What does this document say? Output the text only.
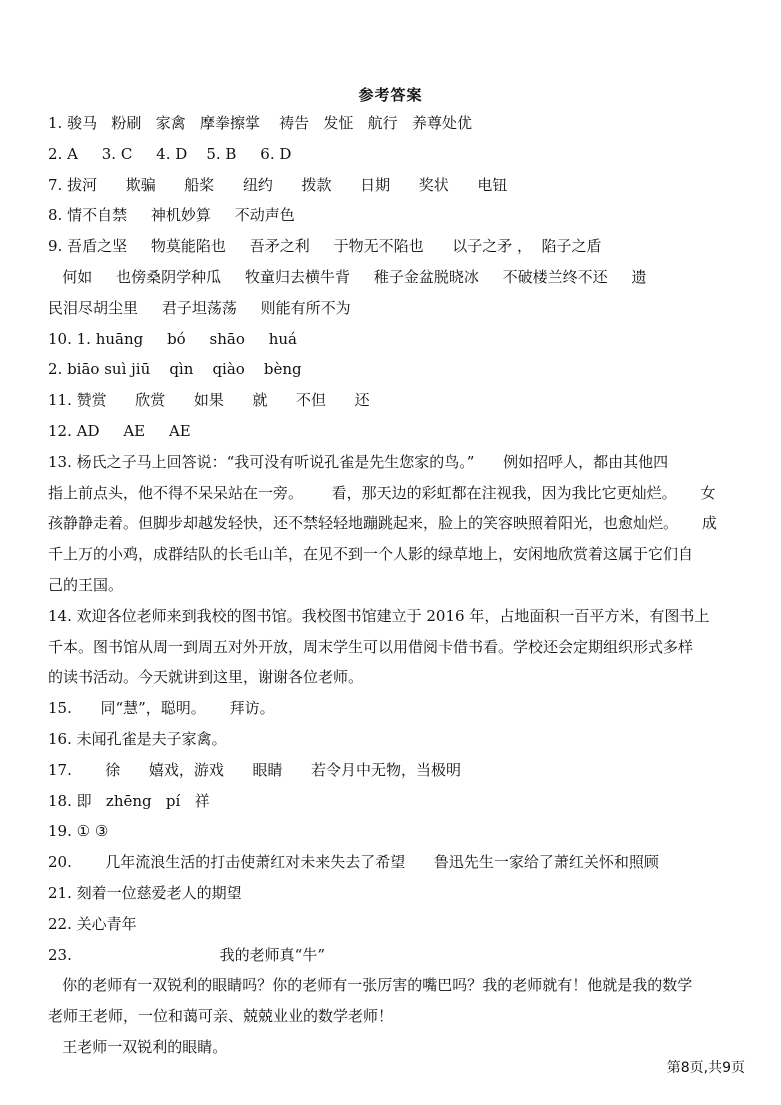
参考答案
1. 骏马   粉刷   家禽   摩拳擦掌    祷告   发怔   航行   养尊处优
2. A     3. C     4. D    5. B     6. D
7. 拔河      欺骗      船桨      纽约      拨款      日期      奖状      电钮
8. 情不自禁     神机妙算     不动声色
9. 吾盾之坚     物莫能陷也     吾矛之利     于物无不陷也      以子之矛 ，  陷子之盾
何如     也傍桑阴学种瓜     牧童归去横牛背     稚子金盆脱晓冰     不破楼兰终不还     遗
民泪尽胡尘里     君子坦荡荡     则能有所不为
10. 1. huāng     bó     shāo     huá
2. biāo suì jiū    qìn    qiào    bèng
11. 赞赏      欣赏      如果      就      不但      还
12. AD     AE     AE
13. 杨氏之子马上回答说：“我可没有听说孔雀是先生您家的鸟。”      例如招呼人，都由其他四
指上前点头，他不得不呆呆站在一旁。      看，那天边的彩虹都在注视我，因为我比它更灿烂。     女
孩静静走着。但脚步却越发轻快，还不禁轻轻地蹦跳起来，脸上的笑容映照着阳光，也愈灿烂。     成
千上万的小鸡，成群结队的长毛山羊，在见不到一个人影的绿草地上，安闲地欣赏着这属于它们自
己的王国。
14. 欢迎各位老师来到我校的图书馆。我校图书馆建立于 2016 年，占地面积一百平方米，有图书上
千本。图书馆从周一到周五对外开放，周末学生可以用借阅卡借书看。学校还会定期组织形式多样
的读书活动。今天就讲到这里，谢谢各位老师。
15.      同“慧”，聪明。     拜访。
16. 未闻孔雀是夫子家禽。
17.       徐      嬉戏，游戏      眼睛      若令月中无物，当极明
18. 即   zhēng   pí   祥
19. ① ③
20.       几年流浪生活的打击使萧红对未来失去了希望      鲁迅先生一家给了萧红关怀和照顾
21. 刻着一位慈爱老人的期望
22. 关心青年
23.                               我的老师真“牛”
你的老师有一双锐利的眼睛吗？你的老师有一张厉害的嘴巴吗？我的老师就有！他就是我的数学
老师王老师，一位和蔼可亲、兢兢业业的数学老师！
王老师一双锐利的眼睛。
第8页,共9页
